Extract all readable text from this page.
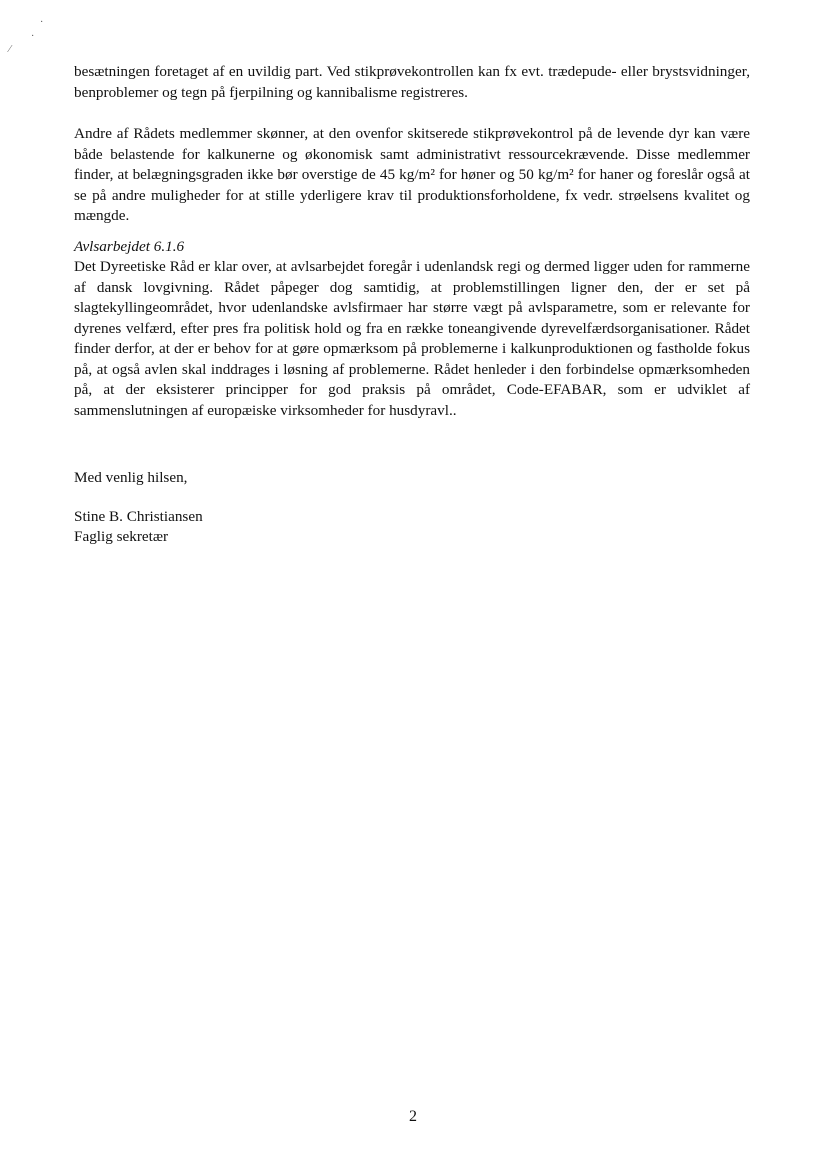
·
·
⁄

besætningen foretaget af en uvildig part. Ved stikprøvekontrollen kan fx evt. trædepude- eller brystsvidninger, benproblemer og tegn på fjerpilning og kannibalisme registreres.

Andre af Rådets medlemmer skønner, at den ovenfor skitserede stikprøvekontrol på de levende dyr kan være både belastende for kalkunerne og økonomisk samt administrativt ressourcekrævende. Disse medlemmer finder, at belægningsgraden ikke bør overstige de 45 kg/m² for høner og 50 kg/m² for haner og foreslår også at se på andre muligheder for at stille yderligere krav til produktionsforholdene, fx vedr. strøelsens kvalitet og mængde.

Avlsarbejdet 6.1.6

Det Dyreetiske Råd er klar over, at avlsarbejdet foregår i udenlandsk regi og dermed ligger uden for rammerne af dansk lovgivning. Rådet påpeger dog samtidig, at problemstillingen ligner den, der er set på slagtekyllingeområdet, hvor udenlandske avlsfirmaer har større vægt på avlsparametre, som er relevante for dyrenes velfærd, efter pres fra politisk hold og fra en række toneangivende dyrevelfærdsorganisationer. Rådet finder derfor, at der er behov for at gøre opmærksom på problemerne i kalkunproduktionen og fastholde fokus på, at også avlen skal inddrages i løsning af problemerne. Rådet henleder i den forbindelse opmærksomheden på, at der eksisterer principper for god praksis på området, Code-EFABAR, som er udviklet af sammenslutningen af europæiske virksomheder for husdyravl..

Med venlig hilsen,

Stine B. Christiansen

Faglig sekretær

2
